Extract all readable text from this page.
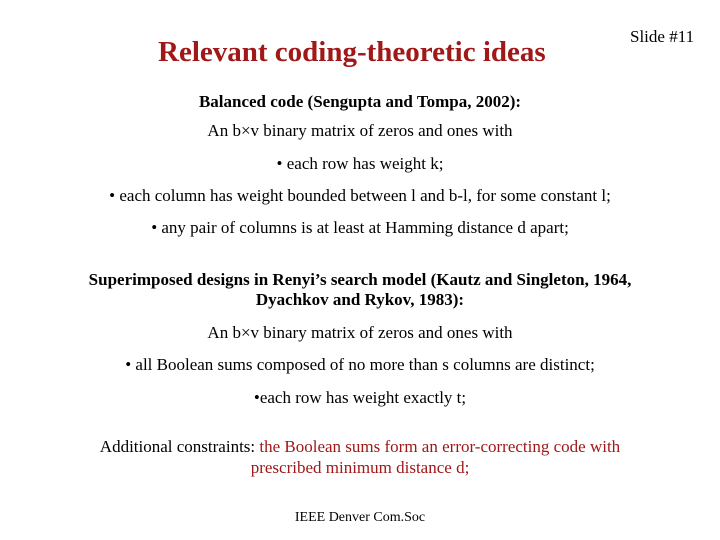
Relevant coding-theoretic ideas	Slide #11
Balanced code (Sengupta and Tompa, 2002):
An b×v binary matrix of zeros and ones with
• each row has weight k;
• each column has weight bounded between l and b-l, for some constant l;
• any pair of columns is at least at Hamming distance d apart;
Superimposed designs in Renyi’s search model (Kautz and Singleton, 1964,
Dyachkov and Rykov, 1983):
An b×v binary matrix of zeros and ones with
• all Boolean sums composed of no more than s columns are distinct;
•each row has weight exactly t;
Additional constraints: the Boolean sums form an error-correcting code with
prescribed minimum distance d;
IEEE Denver Com.Soc
